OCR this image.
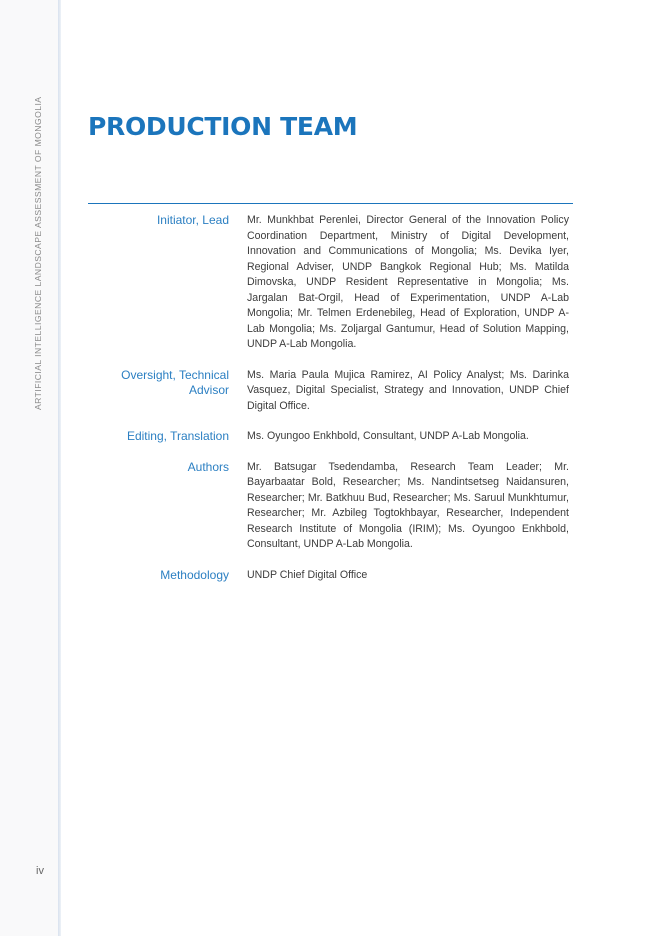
ARTIFICIAL INTELLIGENCE LANDSCAPE ASSESSMENT OF MONGOLIA
iv
PRODUCTION TEAM
Initiator, Lead Mr. Munkhbat Perenlei, Director General of the Innovation Policy Coordination Department, Ministry of Digital Development, Innovation and Communications of Mongolia; Ms. Devika Iyer, Regional Adviser, UNDP Bangkok Regional Hub; Ms. Matilda Dimovska, UNDP Resident Representative in Mongolia; Ms. Jargalan Bat-Orgil, Head of Experimentation, UNDP A-Lab Mongolia; Mr. Telmen Erdenebileg, Head of Exploration, UNDP A-Lab Mongolia; Ms. Zoljargal Gantumur, Head of Solution Mapping, UNDP A-Lab Mongolia.
Oversight, Technical Advisor
Ms. Maria Paula Mujica Ramirez, AI Policy Analyst; Ms. Darinka Vasquez, Digital Specialist, Strategy and Innovation, UNDP Chief Digital Office.
Editing, Translation Ms. Oyungoo Enkhbold, Consultant, UNDP A-Lab Mongolia.
Authors Mr. Batsugar Tsedendamba, Research Team Leader; Mr. Bayarbaatar Bold, Researcher; Ms. Nandintsetseg Naidansuren, Researcher; Mr. Batkhuu Bud, Researcher; Ms. Saruul Munkhtumur, Researcher; Mr. Azbileg Togtokhbayar, Researcher, Independent Research Institute of Mongolia (IRIM); Ms. Oyungoo Enkhbold, Consultant, UNDP A-Lab Mongolia.
Methodology UNDP Chief Digital Office
